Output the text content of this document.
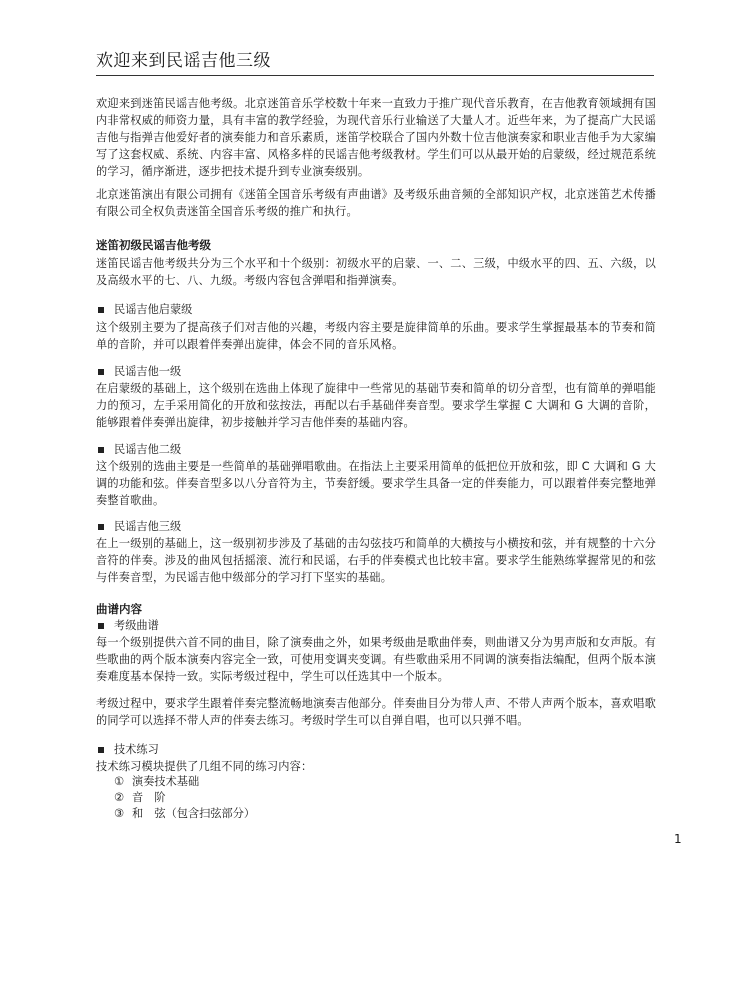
欢迎来到民谣吉他三级

欢迎来到迷笛民谣吉他考级。北京迷笛音乐学校数十年来一直致力于推广现代音乐教育，在吉他教育领域拥有国内非常权威的师资力量，具有丰富的教学经验，为现代音乐行业输送了大量人才。近些年来，为了提高广大民谣吉他与指弹吉他爱好者的演奏能力和音乐素质，迷笛学校联合了国内外数十位吉他演奏家和职业吉他手为大家编写了这套权威、系统、内容丰富、风格多样的民谣吉他考级教材。学生们可以从最开始的启蒙级，经过规范系统的学习，循序渐进，逐步把技术提升到专业演奏级别。

北京迷笛演出有限公司拥有《迷笛全国音乐考级有声曲谱》及考级乐曲音频的全部知识产权，北京迷笛艺术传播有限公司全权负责迷笛全国音乐考级的推广和执行。

迷笛初级民谣吉他考级

迷笛民谣吉他考级共分为三个水平和十个级别：初级水平的启蒙、一、二、三级，中级水平的四、五、六级，以及高级水平的七、八、九级。考级内容包含弹唱和指弹演奏。

民谣吉他启蒙级

这个级别主要为了提高孩子们对吉他的兴趣，考级内容主要是旋律简单的乐曲。要求学生掌握最基本的节奏和简单的音阶，并可以跟着伴奏弹出旋律，体会不同的音乐风格。

民谣吉他一级

在启蒙级的基础上，这个级别在选曲上体现了旋律中一些常见的基础节奏和简单的切分音型，也有简单的弹唱能力的预习，左手采用简化的开放和弦按法，再配以右手基础伴奏音型。要求学生掌握 C 大调和 G 大调的音阶，能够跟着伴奏弹出旋律，初步接触并学习吉他伴奏的基础内容。

民谣吉他二级

这个级别的选曲主要是一些简单的基础弹唱歌曲。在指法上主要采用简单的低把位开放和弦，即 C 大调和 G 大调的功能和弦。伴奏音型多以八分音符为主，节奏舒缓。要求学生具备一定的伴奏能力，可以跟着伴奏完整地弹奏整首歌曲。

民谣吉他三级

在上一级别的基础上，这一级别初步涉及了基础的击勾弦技巧和简单的大横按与小横按和弦，并有规整的十六分音符的伴奏。涉及的曲风包括摇滚、流行和民谣，右手的伴奏模式也比较丰富。要求学生能熟练掌握常见的和弦与伴奏音型，为民谣吉他中级部分的学习打下坚实的基础。

曲谱内容

考级曲谱

每一个级别提供六首不同的曲目，除了演奏曲之外，如果考级曲是歌曲伴奏，则曲谱又分为男声版和女声版。有些歌曲的两个版本演奏内容完全一致，可使用变调夹变调。有些歌曲采用不同调的演奏指法编配，但两个版本演奏难度基本保持一致。实际考级过程中，学生可以任选其中一个版本。

考级过程中，要求学生跟着伴奏完整流畅地演奏吉他部分。伴奏曲目分为带人声、不带人声两个版本，喜欢唱歌的同学可以选择不带人声的伴奏去练习。考级时学生可以自弹自唱，也可以只弹不唱。

技术练习

技术练习模块提供了几组不同的练习内容：

① 演奏技术基础

② 音　阶

③ 和　弦（包含扫弦部分）

1
